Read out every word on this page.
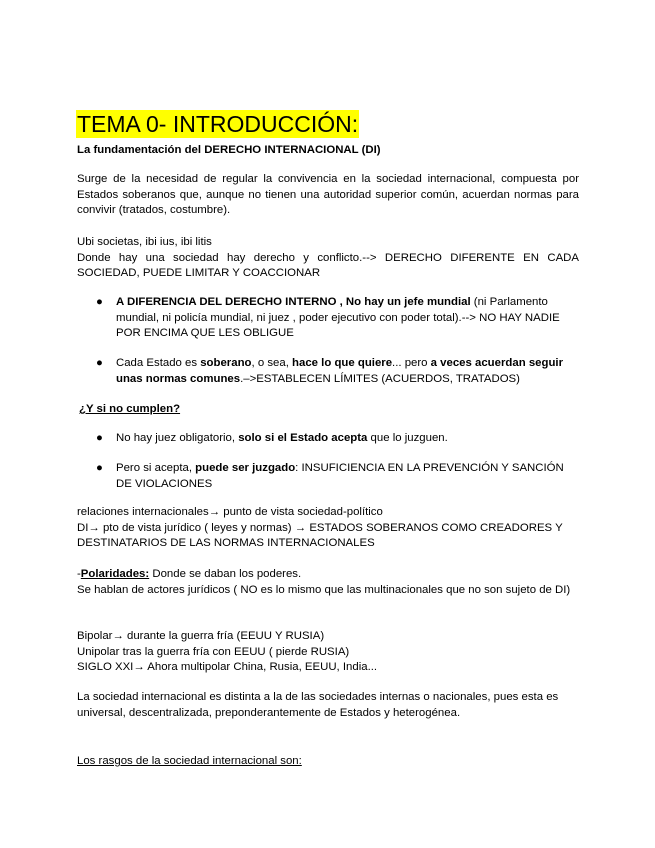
TEMA 0- INTRODUCCIÓN:

La fundamentación del DERECHO INTERNACIONAL (DI)

Surge de la necesidad de regular la convivencia en la sociedad internacional, compuesta por Estados soberanos que, aunque no tienen una autoridad superior común, acuerdan normas para convivir (tratados, costumbre).

Ubi societas, ibi ius, ibi litis
Donde hay una sociedad hay derecho y conflicto.--> DERECHO DIFERENTE EN CADA SOCIEDAD, PUEDE LIMITAR Y COACCIONAR
● A DIFERENCIA DEL DERECHO INTERNO , No hay un jefe mundial (ni Parlamento mundial, ni policía mundial, ni juez , poder ejecutivo con poder total).--> NO HAY NADIE POR ENCIMA QUE LES OBLIGUE
● Cada Estado es soberano, o sea, hace lo que quiere... pero a veces acuerdan seguir unas normas comunes.–>ESTABLECEN LÍMITES (ACUERDOS, TRATADOS)
¿Y si no cumplen?
● No hay juez obligatorio, solo si el Estado acepta que lo juzguen.
● Pero si acepta, puede ser juzgado: INSUFICIENCIA EN LA PREVENCIÓN Y SANCIÓN DE VIOLACIONES
relaciones internacionales→ punto de vista sociedad-político
DI→ pto de vista jurídico ( leyes y normas) → ESTADOS SOBERANOS COMO CREADORES Y DESTINATARIOS DE LAS NORMAS INTERNACIONALES
-Polaridades: Donde se daban los poderes.
Se hablan de actores jurídicos ( NO es lo mismo que las multinacionales que no son sujeto de DI)
Bipolar→ durante la guerra fría (EEUU Y RUSIA)
Unipolar tras la guerra fría con EEUU ( pierde RUSIA)
SIGLO XXI→ Ahora multipolar China, Rusia, EEUU, India...

La sociedad internacional es distinta a la de las sociedades internas o nacionales, pues esta es universal, descentralizada, preponderantemente de Estados y heterogénea.

Los rasgos de la sociedad internacional son:
